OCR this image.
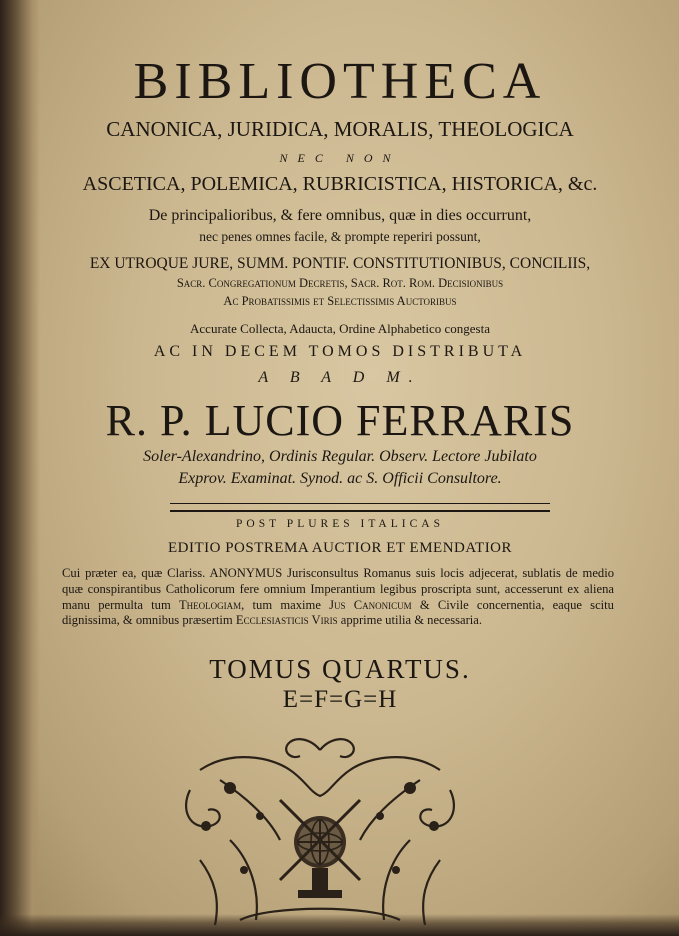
BIBLIOTHECA
CANONICA, JURIDICA, MORALIS, THEOLOGICA
NEC NON
ASCETICA, POLEMICA, RUBRICISTICA, HISTORICA, &c.
De principalioribus, & fere omnibus, quæ in dies occurrunt,
nec penes omnes facile, & prompte reperiri possunt,
EX UTROQUE JURE, SUMM. PONTIF. CONSTITUTIONIBUS, CONCILIIS,
Sacr. Congregationum Decretis, Sacr. Rot. Rom. Decisionibus
Ac Probatissimis et Selectissimis Auctoribus
Accurate Collecta, Adaucta, Ordine Alphabetico congesta
AC IN DECEM TOMOS DISTRIBUTA
A B A D M.
R. P. LUCIO FERRARIS
Soler-Alexandrino, Ordinis Regular. Observ. Lectore Jubilato
Exprov. Examinat. Synod. ac S. Officii Consultore.
POST PLURES ITALICAS
EDITIO POSTREMA AUCTIOR ET EMENDATIOR
Cui præter ea, quæ Clariss. ANONYMUS Jurisconsultus Romanus suis locis adjecerat, sublatis de medio quæ conspirantibus Catholicorum fere omnium Imperantium legibus proscripta sunt, accesserunt ex aliena manu permulta tum Theologiam, tum maxime Jus Canonicum & Civile concernentia, eaque scitu dignissima, & omnibus præsertim Ecclesiasticis Viris apprime utilia & necessaria.
TOMUS QUARTUS.
E=F=G=H
